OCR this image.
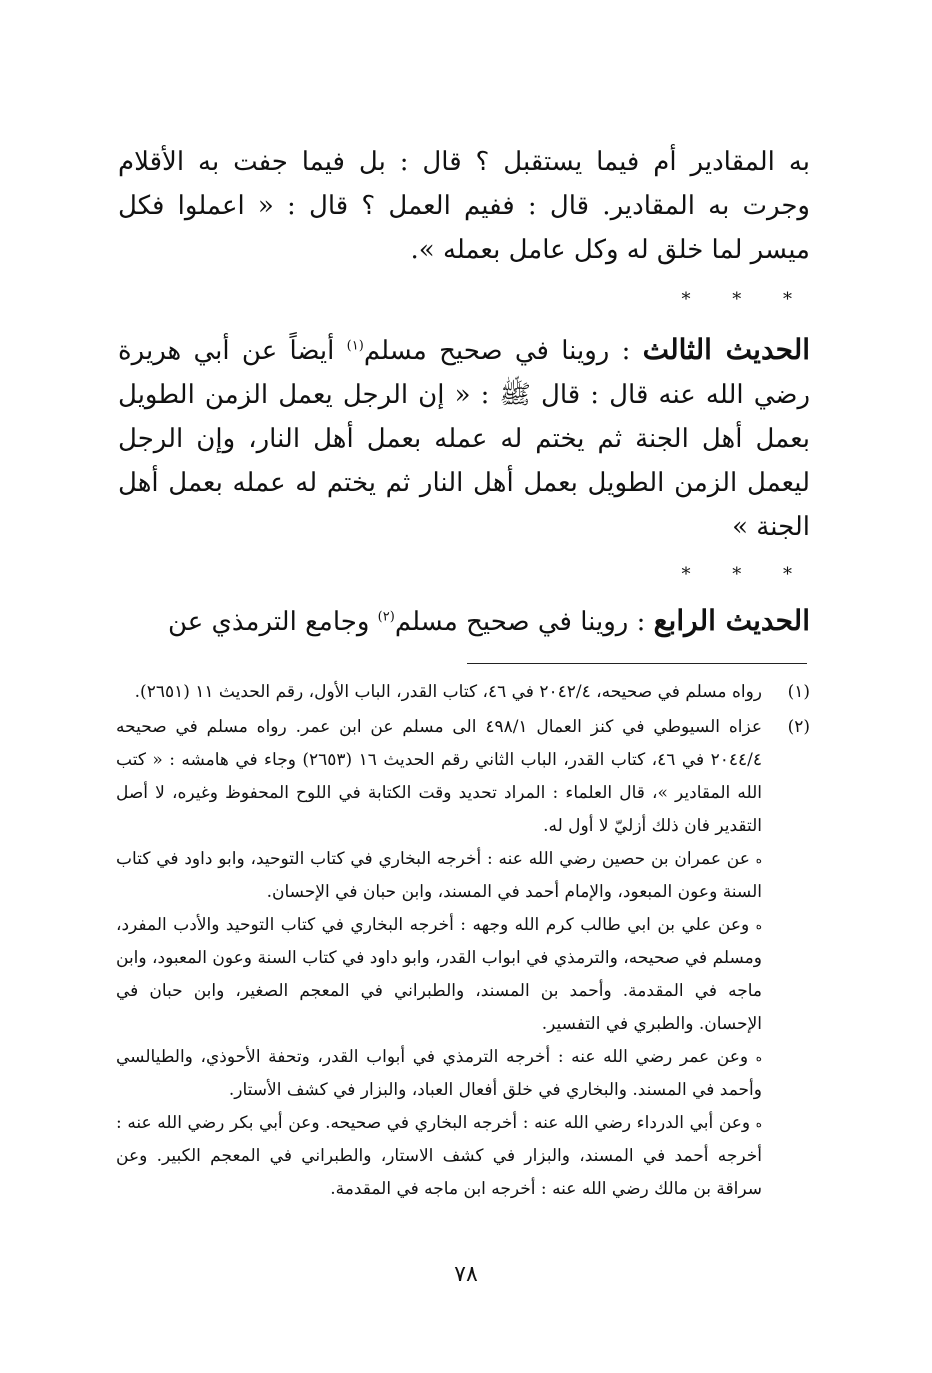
به المقادير أم فيما يستقبل ؟ قال : بل فيما جفت به الأقلام وجرت به المقادير. قال : ففيم العمل ؟ قال : « اعملوا فكل ميسر لما خلق له وكل عامل بعمله ».

* * *

الحديث الثالث : روينا في صحيح مسلم$^{(١)}$ أيضاً عن أبي هريرة رضي الله عنه قال : قال ﷺ : « إن الرجل يعمل الزمن الطويل بعمل أهل الجنة ثم يختم له عمله بعمل أهل النار، وإن الرجل ليعمل الزمن الطويل بعمل أهل النار ثم يختم له عمله بعمل أهل الجنة »

* * *

الحديث الرابع : روينا في صحيح مسلم$^{(٢)}$ وجامع الترمذي عن

(١)

رواه مسلم في صحيحه، ٢٠٤٢/٤ في ٤٦، كتاب القدر، الباب الأول، رقم الحديث ١١ (٢٦٥١).

(٢)

عزاه السيوطي في كنز العمال ٤٩٨/١ الى مسلم عن ابن عمر. رواه مسلم في صحيحه ٢٠٤٤/٤ في ٤٦، كتاب القدر، الباب الثاني رقم الحديث ١٦ (٢٦٥٣) وجاء في هامشه : « كتب الله المقادير »، قال العلماء : المراد تحديد وقت الكتابة في اللوح المحفوظ وغيره، لا أصل التقدير فان ذلك أزليّ لا أول له.

ه عن عمران بن حصين رضي الله عنه : أخرجه البخاري في كتاب التوحيد، وابو داود في كتاب السنة وعون المبعود، والإمام أحمد في المسند، وابن حبان في الإحسان.

ه وعن علي بن ابي طالب كرم الله وجهه : أخرجه البخاري في كتاب التوحيد والأدب المفرد، ومسلم في صحيحه، والترمذي في ابواب القدر، وابو داود في كتاب السنة وعون المعبود، وابن ماجه في المقدمة. وأحمد بن المسند، والطبراني في المعجم الصغير، وابن حبان في الإحسان. والطبري في التفسير.

ه وعن عمر رضي الله عنه : أخرجه الترمذي في أبواب القدر، وتحفة الأحوذي، والطيالسي وأحمد في المسند. والبخاري في خلق أفعال العباد، والبزار في كشف الأستار.

ه وعن أبي الدرداء رضي الله عنه : أخرجه البخاري في صحيحه. وعن أبي بكر رضي الله عنه : أخرجه أحمد في المسند، والبزار في كشف الاستار، والطبراني في المعجم الكبير. وعن سراقة بن مالك رضي الله عنه : أخرجه ابن ماجه في المقدمة.

٧٨
